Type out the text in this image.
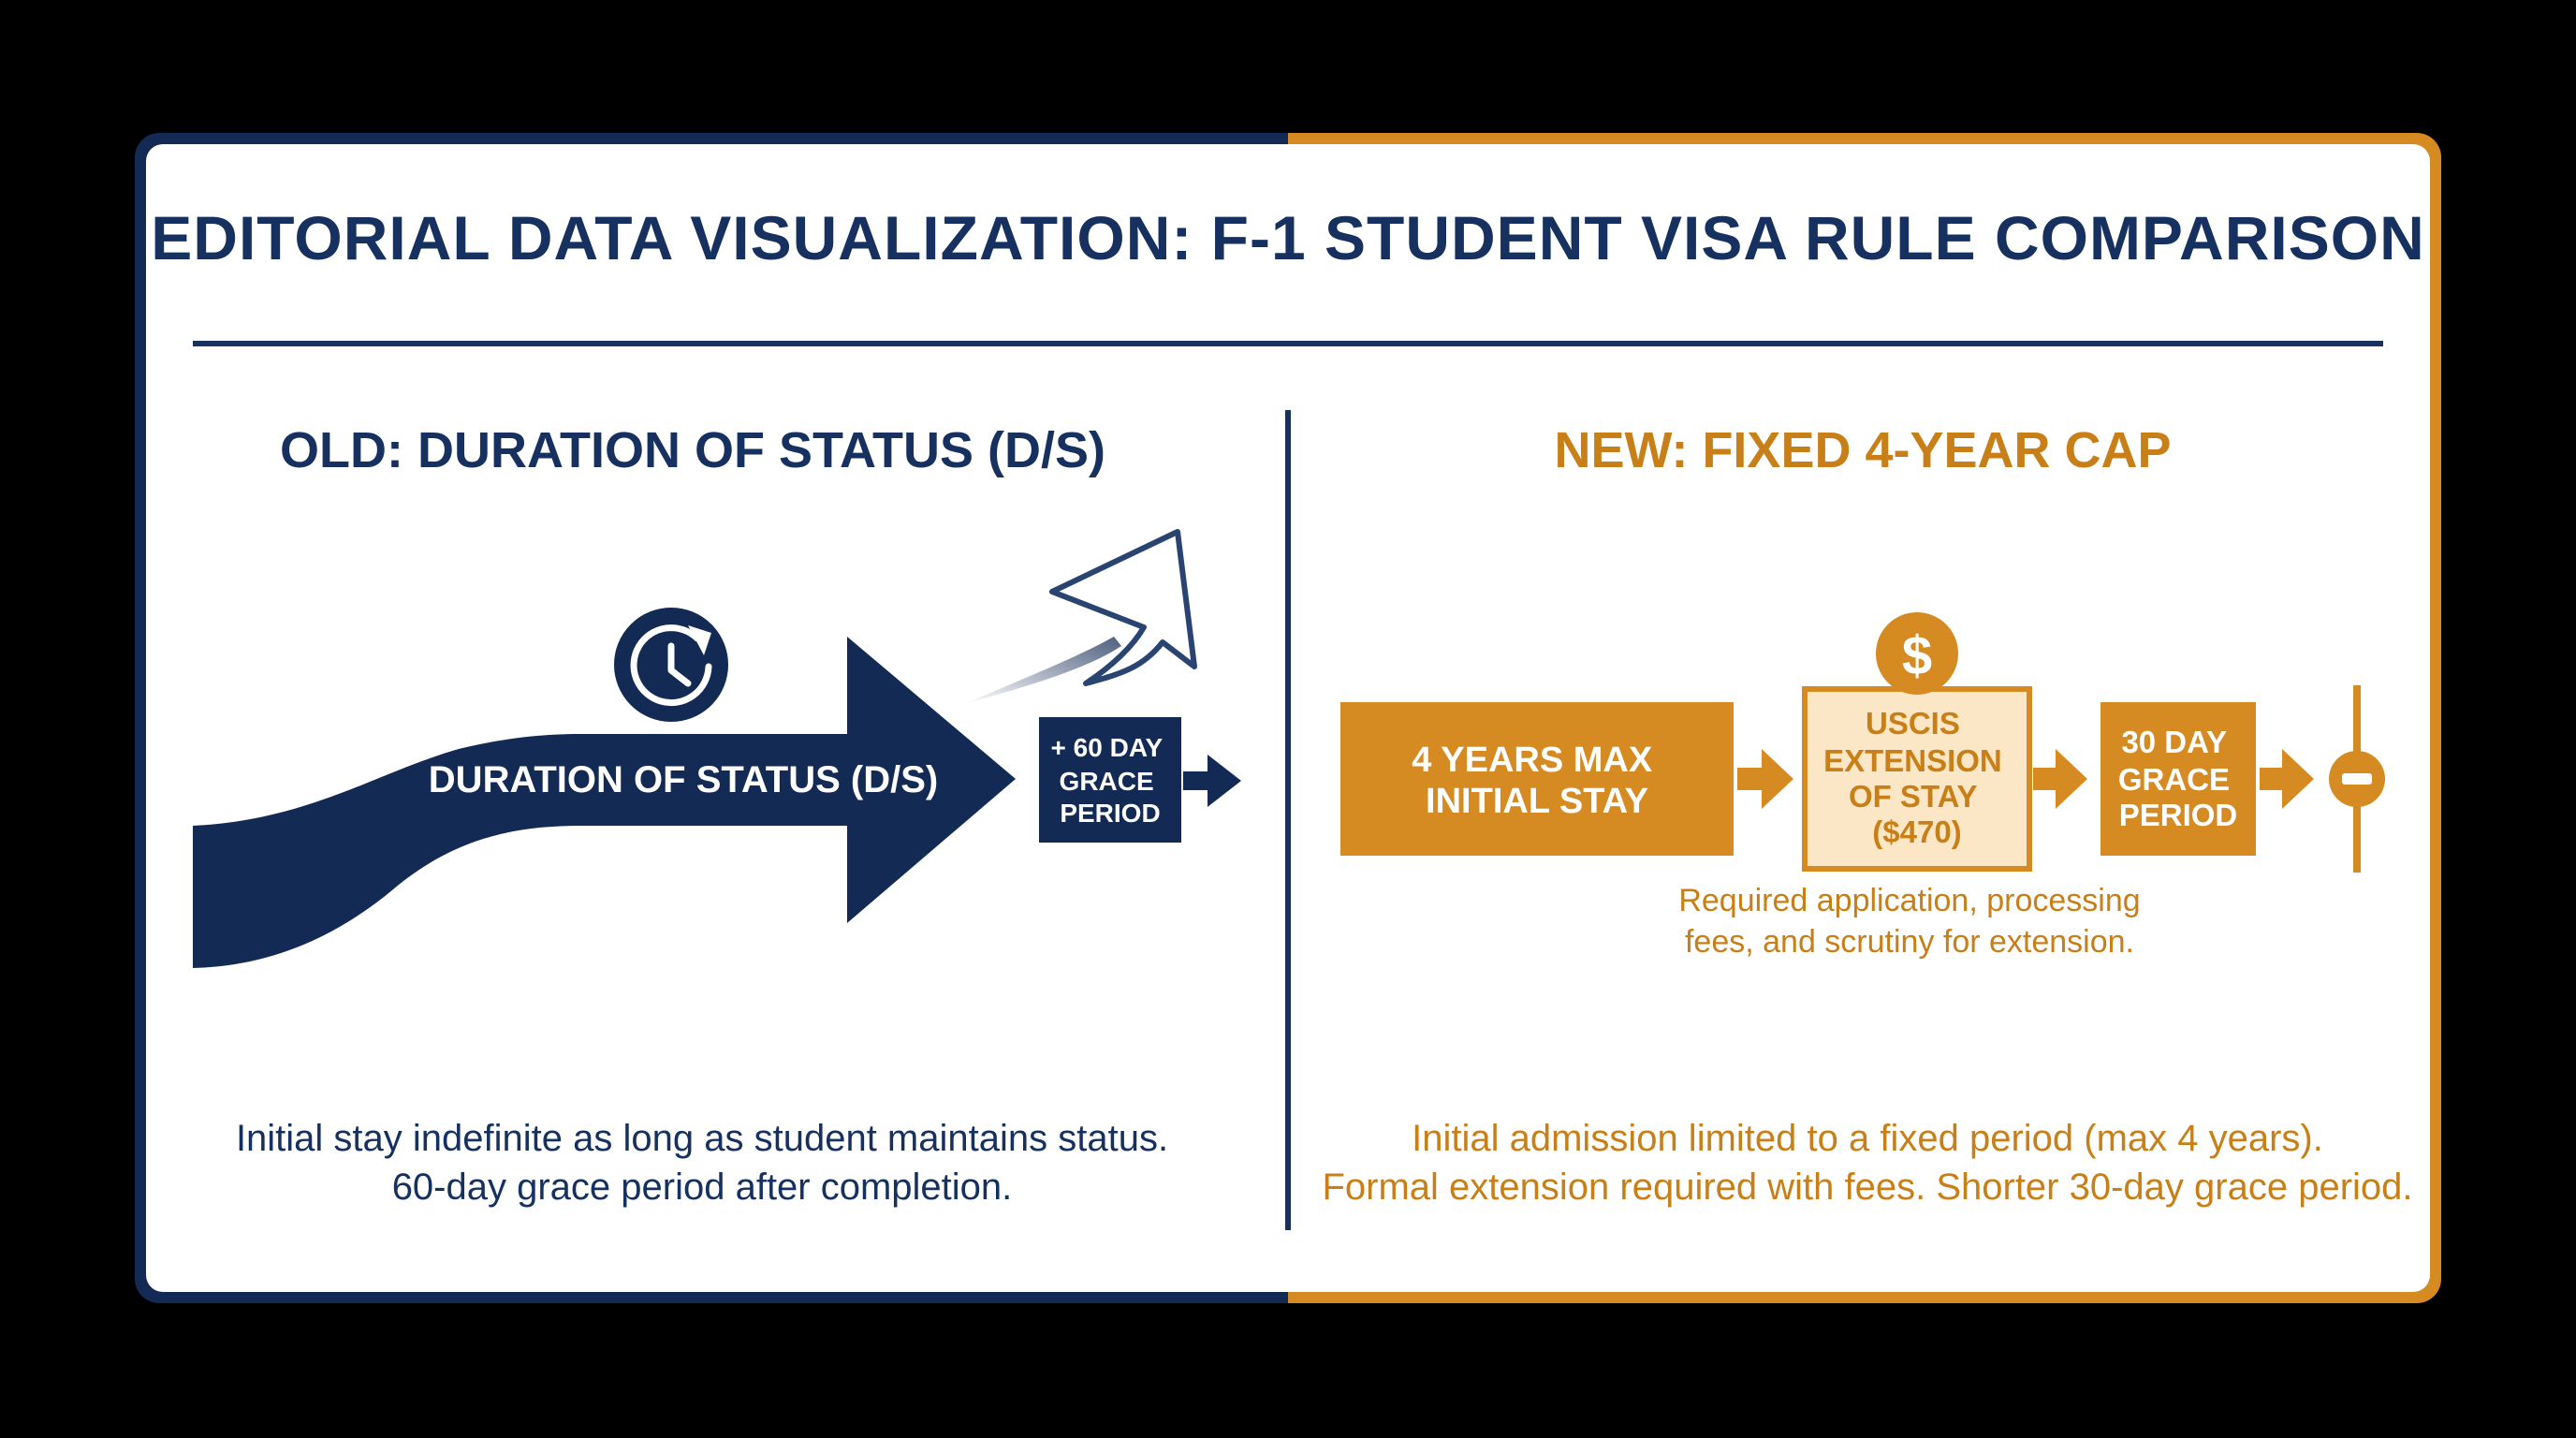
EDITORIAL DATA VISUALIZATION: F-1 STUDENT VISA RULE COMPARISON
OLD: DURATION OF STATUS (D/S)	NEW: FIXED 4-YEAR CAP
DURATION OF STATUS (D/S)
+ 60 DAY GRACE PERIOD
4 YEARS MAX INITIAL STAY
USCIS EXTENSION OF STAY ($470)
$
30 DAY GRACE PERIOD

Required application, processing
fees, and scrutiny for extension.

Initial stay indefinite as long as student maintains status.
60-day grace period after completion.

Initial admission limited to a fixed period (max 4 years).
Formal extension required with fees. Shorter 30-day grace period.
